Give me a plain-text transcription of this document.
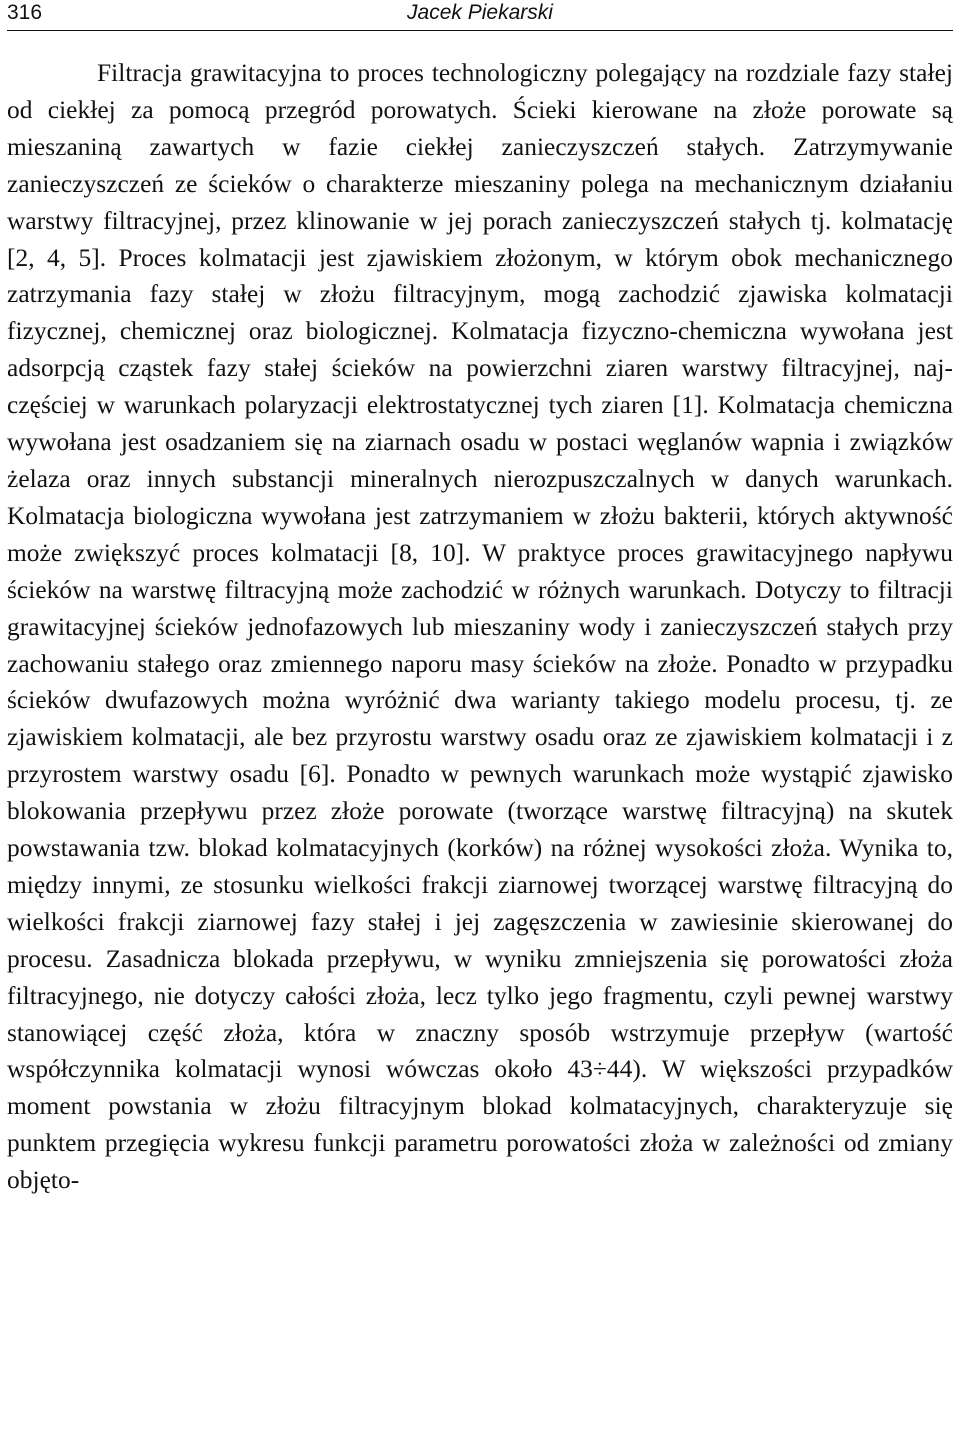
316	Jacek Piekarski

Filtracja grawitacyjna to proces technologiczny polegający na rozdziale fazy stałej od ciekłej za pomocą przegród porowatych. Ścieki kierowane na złoże porowate są mieszaniną zawartych w fazie ciekłej zanieczyszczeń stałych. Zatrzymywanie zanieczyszczeń ze ścieków o charakterze mieszaniny polega na mechanicznym działaniu warstwy filtracyjnej, przez klinowanie w jej porach zanieczyszczeń stałych tj. kolmatację [2, 4, 5]. Proces kolmatacji jest zjawiskiem złożonym, w którym obok mechanicznego zatrzymania fazy stałej w złożu filtracyjnym, mogą zachodzić zjawiska kolmatacji fizycznej, chemicznej oraz biologicznej. Kolmatacja fizyczno-chemiczna wywołana jest adsorpcją cząstek fazy stałej ścieków na powierzchni ziaren warstwy filtracyjnej, najczęściej w warunkach polaryzacji elektrostatycznej tych ziaren [1]. Kolmatacja chemiczna wywołana jest osadzaniem się na ziarnach osadu w postaci węglanów wapnia i związków żelaza oraz innych substancji mineralnych nierozpuszczalnych w danych warunkach. Kolmatacja biologiczna wywołana jest zatrzymaniem w złożu bakterii, których aktywność może zwiększyć proces kolmatacji [8, 10]. W praktyce proces grawitacyjnego napływu ścieków na warstwę filtracyjną może zachodzić w różnych warunkach. Dotyczy to filtracji grawitacyjnej ścieków jednofazowych lub mieszaniny wody i zanieczyszczeń stałych przy zachowaniu stałego oraz zmiennego naporu masy ścieków na złoże. Ponadto w przypadku ścieków dwufazowych można wyróżnić dwa warianty takiego modelu procesu, tj. ze zjawiskiem kolmatacji, ale bez przyrostu warstwy osadu oraz ze zjawiskiem kolmatacji i z przyrostem warstwy osadu [6]. Ponadto w pewnych warunkach może wystąpić zjawisko blokowania przepływu przez złoże porowate (tworzące warstwę filtracyjną) na skutek powstawania tzw. blokad kolmatacyjnych (korków) na różnej wysokości złoża. Wynika to, między innymi, ze stosunku wielkości frakcji ziarnowej tworzącej warstwę filtracyjną do wielkości frakcji ziarnowej fazy stałej i jej zagęszczenia w zawiesinie skierowanej do procesu. Zasadnicza blokada przepływu, w wyniku zmniejszenia się porowatości złoża filtracyjnego, nie dotyczy całości złoża, lecz tylko jego fragmentu, czyli pewnej warstwy stanowiącej część złoża, która w znaczny sposób wstrzymuje przepływ (wartość współczynnika kolmatacji wynosi wówczas około 43÷44). W większości przypadków moment powstania w złożu filtracyjnym blokad kolmatacyjnych, charakteryzuje się punktem przegięcia wykresu funkcji parametru porowatości złoża w zależności od zmiany objęto-
